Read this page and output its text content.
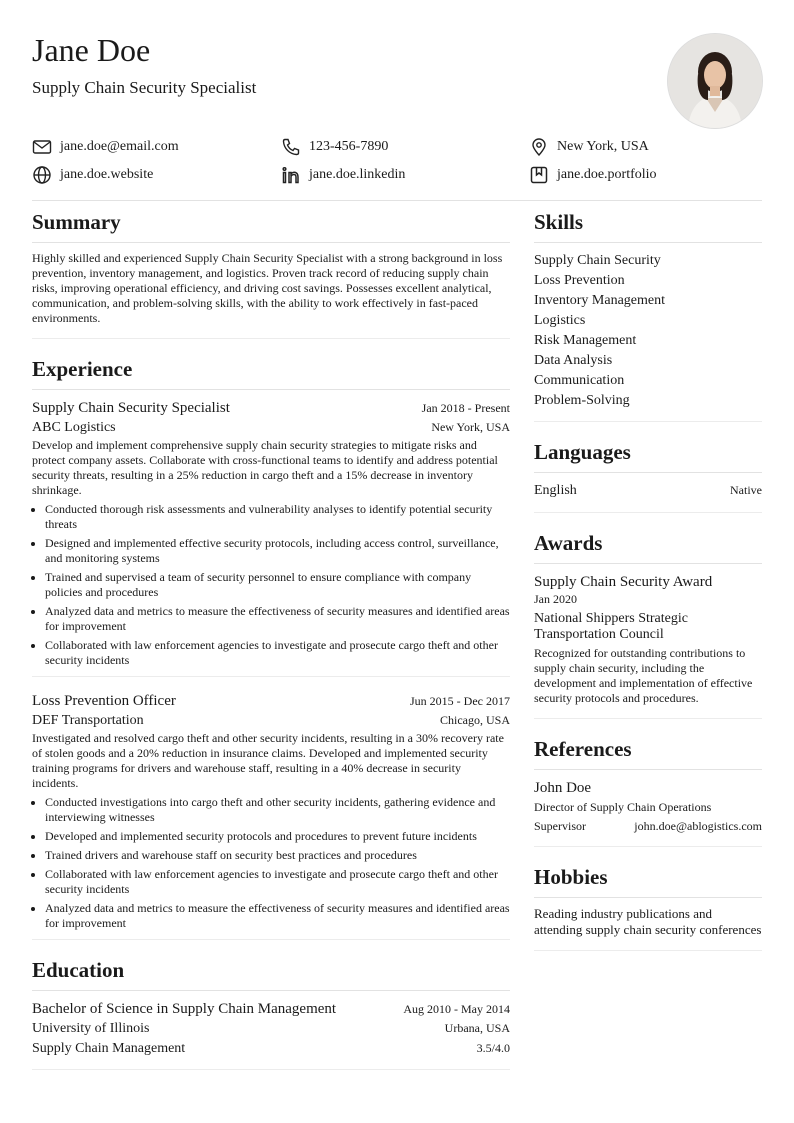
Jane Doe
Supply Chain Security Specialist
jane.doe@email.com	123-456-7890	New York, USA
jane.doe.website	jane.doe.linkedin	jane.doe.portfolio
Summary

Highly skilled and experienced Supply Chain Security Specialist with a strong background in loss prevention, inventory management, and logistics. Proven track record of reducing supply chain risks, improving operational efficiency, and driving cost savings. Possesses excellent analytical, communication, and problem-solving skills, with the ability to work effectively in fast-paced environments.

Experience
Supply Chain Security Specialist	Jan 2018 - Present
ABC Logistics	New York, USA

Develop and implement comprehensive supply chain security strategies to mitigate risks and protect company assets. Collaborate with cross-functional teams to identify and address potential security threats, resulting in a 25% reduction in cargo theft and a 15% decrease in inventory shrinkage.

• Conducted thorough risk assessments and vulnerability analyses to identify potential security threats
• Designed and implemented effective security protocols, including access control, surveillance, and monitoring systems
• Trained and supervised a team of security personnel to ensure compliance with company policies and procedures
• Analyzed data and metrics to measure the effectiveness of security measures and identified areas for improvement
• Collaborated with law enforcement agencies to investigate and prosecute cargo theft and other security incidents
Loss Prevention Officer	Jun 2015 - Dec 2017
DEF Transportation	Chicago, USA

Investigated and resolved cargo theft and other security incidents, resulting in a 30% recovery rate of stolen goods and a 20% reduction in insurance claims. Developed and implemented security training programs for drivers and warehouse staff, resulting in a 40% decrease in security incidents.

• Conducted investigations into cargo theft and other security incidents, gathering evidence and interviewing witnesses
• Developed and implemented security protocols and procedures to prevent future incidents
• Trained drivers and warehouse staff on security best practices and procedures
• Collaborated with law enforcement agencies to investigate and prosecute cargo theft and other security incidents
• Analyzed data and metrics to measure the effectiveness of security measures and identified areas for improvement
Education
Bachelor of Science in Supply Chain Management	Aug 2010 - May 2014
University of Illinois	Urbana, USA
Supply Chain Management	3.5/4.0
Skills
Supply Chain Security
Loss Prevention
Inventory Management
Logistics
Risk Management
Data Analysis
Communication
Problem-Solving
Languages
English	Native
Awards
Supply Chain Security Award
Jan 2020
National Shippers Strategic Transportation Council

Recognized for outstanding contributions to supply chain security, including the development and implementation of effective security protocols and procedures.

References
John Doe
Director of Supply Chain Operations
Supervisor	john.doe@ablogistics.com
Hobbies
Reading industry publications and attending supply chain security conferences
